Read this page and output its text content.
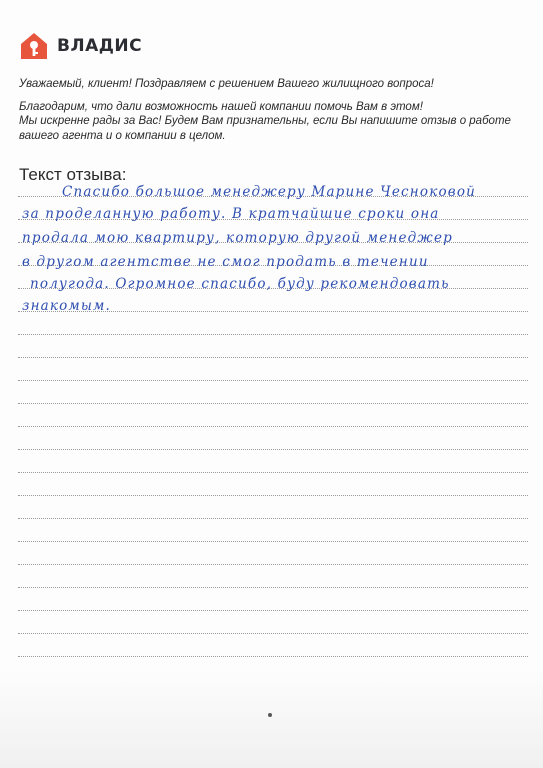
ВЛАДИС
Уважаемый, клиент! Поздравляем с решением Вашего жилищного вопроса!
Благодарим, что дали возможность нашей компании помочь Вам в этом!
Мы искренне рады за Вас! Будем Вам признательны, если Вы напишите отзыв о работе
вашего агента и о компании в целом.
Текст отзыва:
Спасибо большое менеджеру Марине Чесноковой
за проделанную работу. В кратчайшие сроки она
продала мою квартиру, которую другой менеджер
в другом агентстве не смог продать в течении
полугода. Огромное спасибо, буду рекомендовать
знакомым.
